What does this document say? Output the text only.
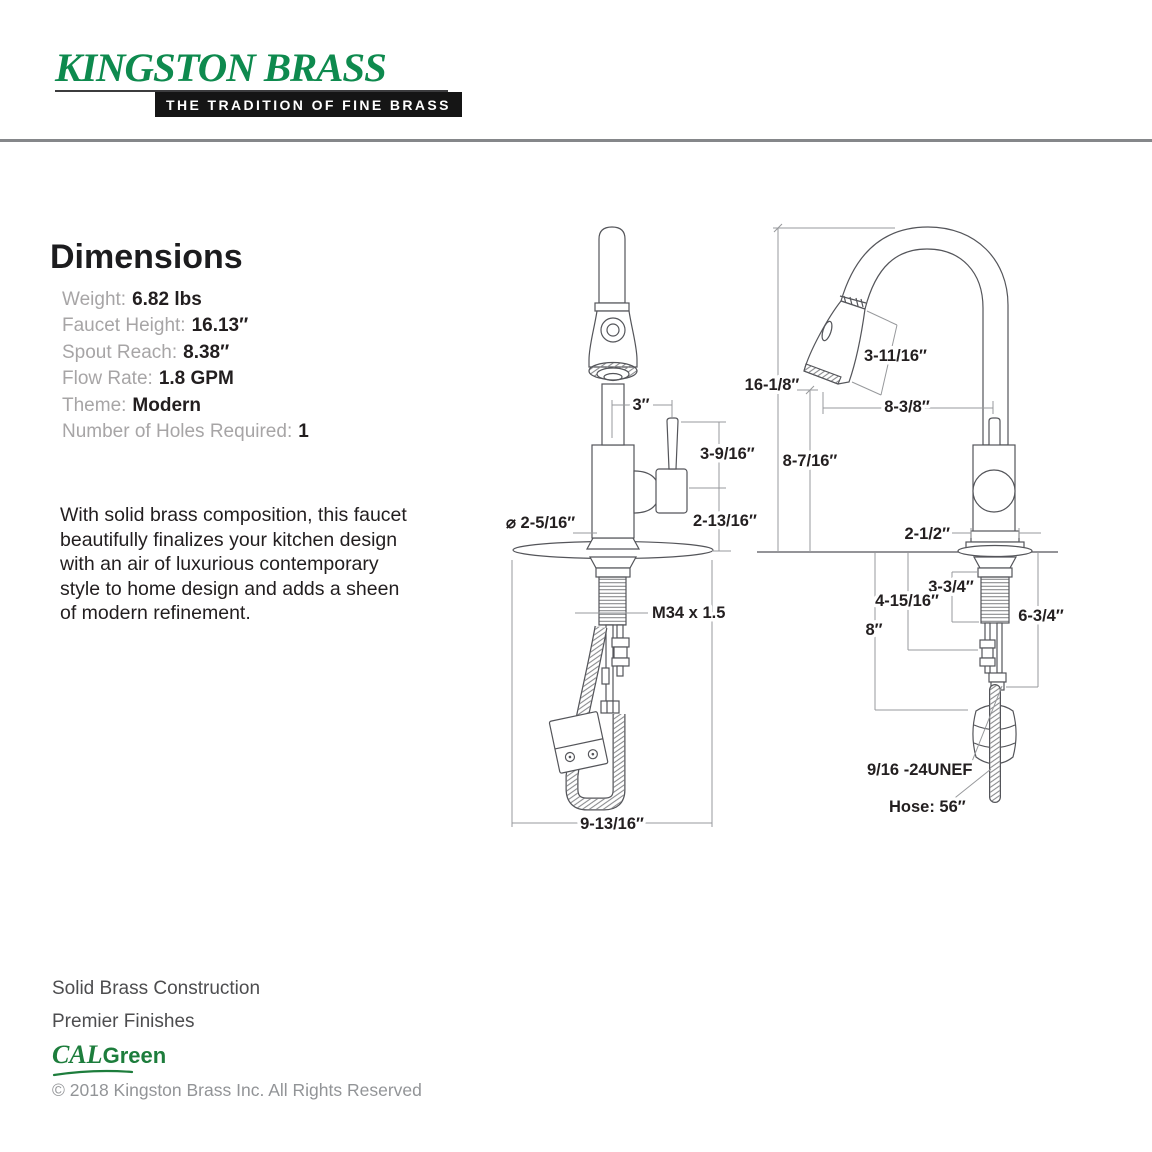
KINGSTON BRASS
THE TRADITION OF FINE BRASS
Dimensions
Weight: 6.82 lbs
Faucet Height: 16.13″
Spout Reach: 8.38″
Flow Rate: 1.8 GPM
Theme: Modern
Number of Holes Required: 1
With solid brass composition, this faucet beautifully finalizes your kitchen design with an air of luxurious contemporary style to home design and adds a sheen of modern refinement.
3″
3-9/16″
2-13/16″
⌀ 2-5/16″
M34 x 1.5
9-13/16″
16-1/8″
3-11/16″
8-3/8″
8-7/16″
2-1/2″
3-3/4″
4-15/16″
8″
6-3/4″
9/16 -24UNEF
Hose: 56″
Solid Brass Construction
Premier Finishes
CALGreen
© 2018 Kingston Brass Inc. All Rights Reserved
